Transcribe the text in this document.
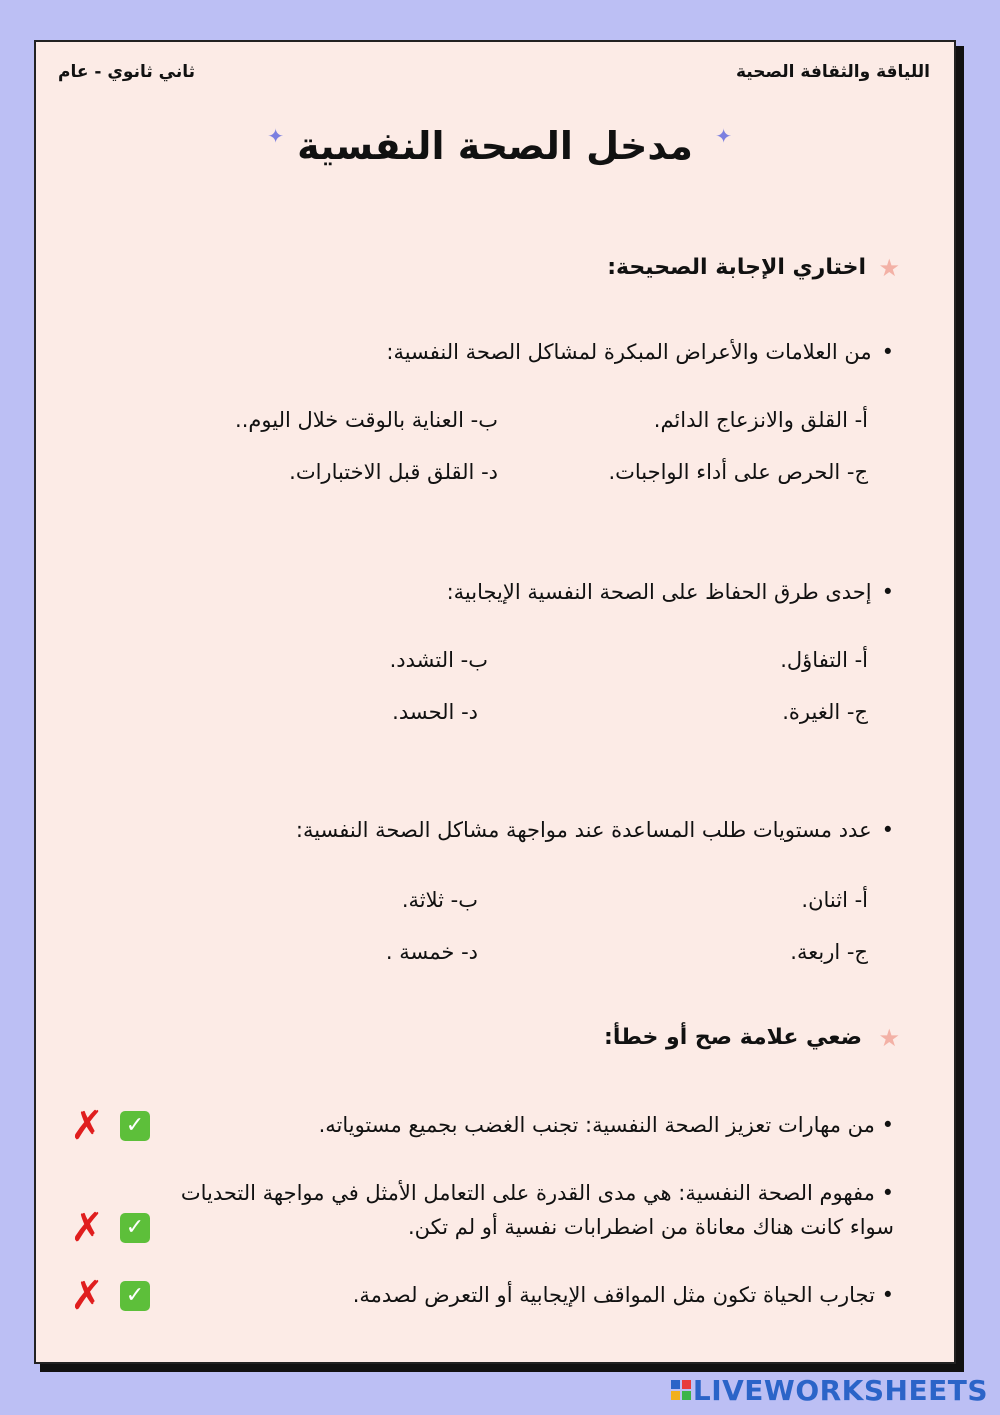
اللياقة والثقافة الصحية
ثاني ثانوي - عام
✦
مدخل الصحة النفسية
✦
★
اختاري الإجابة الصحيحة:
•من العلامات والأعراض المبكرة لمشاكل الصحة النفسية:
أ- القلق والانزعاج الدائم.
ب- العناية بالوقت خلال اليوم..
ج- الحرص على أداء الواجبات.
د- القلق قبل الاختبارات.
•إحدى طرق الحفاظ على الصحة النفسية الإيجابية:
أ- التفاؤل.
ب- التشدد.
ج- الغيرة.
د- الحسد.
•عدد مستويات طلب المساعدة عند مواجهة مشاكل الصحة النفسية:
أ- اثنان.
ب- ثلاثة.
ج- اربعة.
د- خمسة .
★
ضعي علامة صح أو خطأ:
• من مهارات تعزيز الصحة النفسية: تجنب الغضب بجميع مستوياته.
✓
✗
• مفهوم الصحة النفسية: هي مدى القدرة على التعامل الأمثل في مواجهة التحديات سواء كانت هناك معاناة من اضطرابات نفسية أو لم تكن.
✓
✗
• تجارب الحياة تكون مثل المواقف الإيجابية أو التعرض لصدمة.
✓
✗
LIVEWORKSHEETS
